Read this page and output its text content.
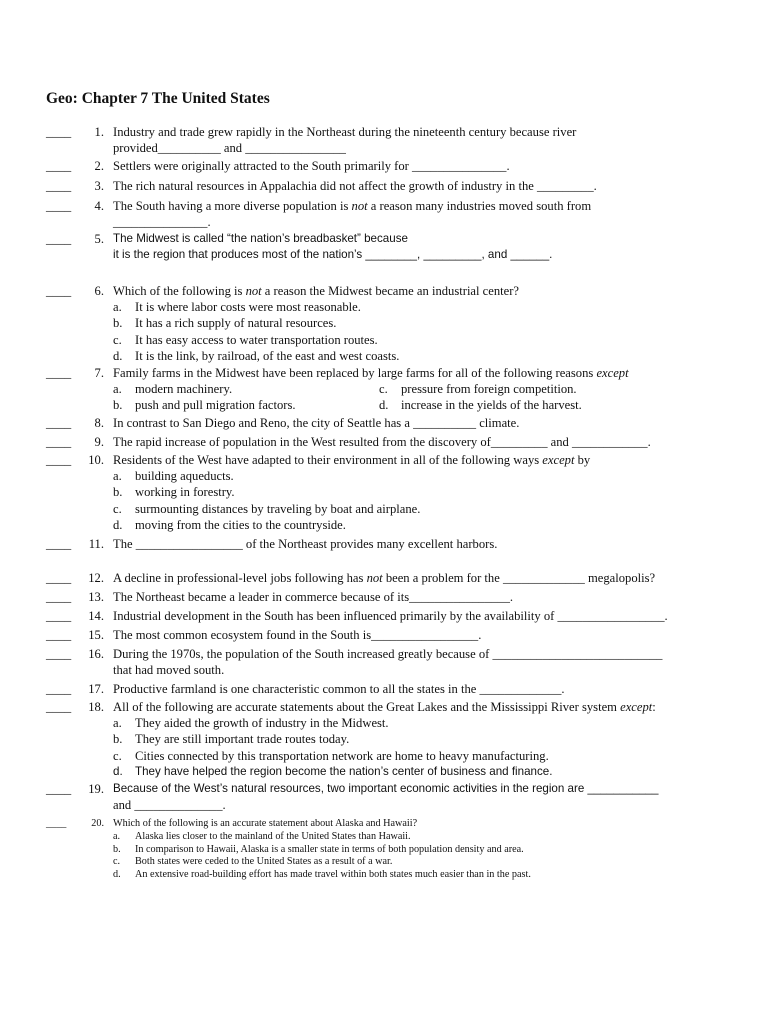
Geo: Chapter 7 The United States
____	1. Industry and trade grew rapidly in the Northeast during the nineteenth century because river
provided__________ and ________________
____	2. Settlers were originally attracted to the South primarily for _______________.
____	3. The rich natural resources in Appalachia did not affect the growth of industry in the _________.
____	4. The South having a more diverse population is not a reason many industries moved south from
_______________.
____	5. The Midwest is called “the nation’s breadbasket” because
it is the region that produces most of the nation’s ________, _________, and ______.
____	6. Which of the following is not a reason the Midwest became an industrial center?
a. It is where labor costs were most reasonable.
b. It has a rich supply of natural resources.
c. It has easy access to water transportation routes.
d. It is the link, by railroad, of the east and west coasts.
____	7. Family farms in the Midwest have been replaced by large farms for all of the following reasons except
a. modern machinery.	c. pressure from foreign competition.
b. push and pull migration factors.	d. increase in the yields of the harvest.
____	8. In contrast to San Diego and Reno, the city of Seattle has a __________ climate.
____	9. The rapid increase of population in the West resulted from the discovery of_________ and ____________.
____	10. Residents of the West have adapted to their environment in all of the following ways except by
a. building aqueducts.
b. working in forestry.
c. surmounting distances by traveling by boat and airplane.
d. moving from the cities to the countryside.
____	11. The _________________ of the Northeast provides many excellent harbors.
____	12. A decline in professional-level jobs following has not been a problem for the _____________ megalopolis?
____	13. The Northeast became a leader in commerce because of its________________.
____	14. Industrial development in the South has been influenced primarily by the availability of _________________.
____	15. The most common ecosystem found in the South is_________________.
____	16. During the 1970s, the population of the South increased greatly because of ___________________________
that had moved south.
____	17. Productive farmland is one characteristic common to all the states in the _____________.
____	18. All of the following are accurate statements about the Great Lakes and the Mississippi River system except:
a. They aided the growth of industry in the Midwest.
b. They are still important trade routes today.
c. Cities connected by this transportation network are home to heavy manufacturing.
d. They have helped the region become the nation’s center of business and finance.
____	19. Because of the West’s natural resources, two important economic activities in the region are ___________
and ______________.
____	20. Which of the following is an accurate statement about Alaska and Hawaii?
a. Alaska lies closer to the mainland of the United States than Hawaii.
b. In comparison to Hawaii, Alaska is a smaller state in terms of both population density and area.
c. Both states were ceded to the United States as a result of a war.
d. An extensive road-building effort has made travel within both states much easier than in the past.
